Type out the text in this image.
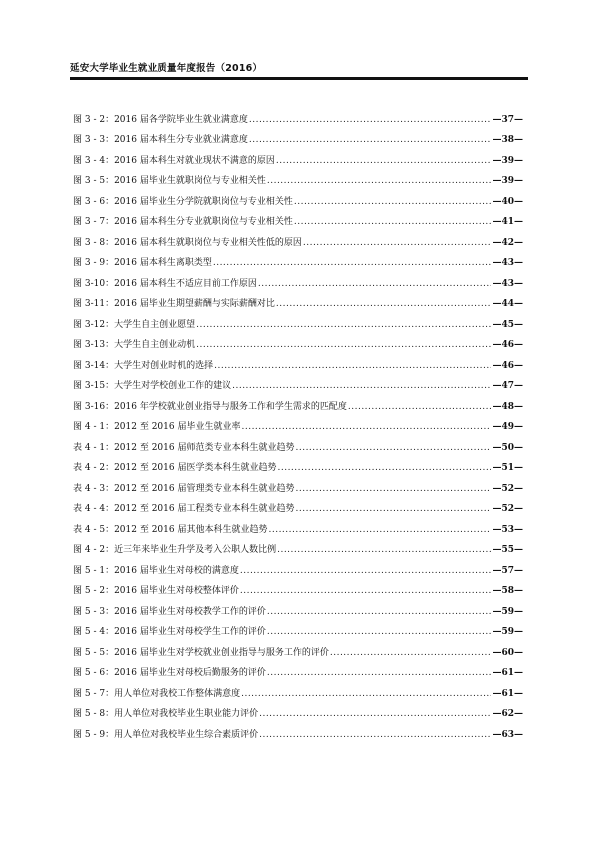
延安大学毕业生就业质量年度报告（2016）
图 3 - 2： 2016 届各学院毕业生就业满意度 .....	—37—
图 3 - 3： 2016 届本科生分专业就业满意度 .....	—38—
图 3 - 4： 2016 届本科生对就业现状不满意的原因 .....	—39—
图 3 - 5： 2016 届毕业生就职岗位与专业相关性 .....	—39—
图 3 - 6： 2016 届毕业生分学院就职岗位与专业相关性 .....	—40—
图 3 - 7： 2016 届本科生分专业就职岗位与专业相关性 .....	—41—
图 3 - 8： 2016 届本科生就职岗位与专业相关性低的原因 .....	—42—
图 3 - 9： 2016 届本科生离职类型 .....	—43—
图 3-10： 2016 届本科生不适应目前工作原因 .....	—43—
图 3-11： 2016 届毕业生期望薪酬与实际薪酬对比 .....	—44—
图 3-12： 大学生自主创业愿望 .....	—45—
图 3-13： 大学生自主创业动机 .....	—46—
图 3-14： 大学生对创业时机的选择 .....	—46—
图 3-15： 大学生对学校创业工作的建议 .....	—47—
图 3-16： 2016 年学校就业创业指导与服务工作和学生需求的匹配度 .....	—48—
图 4 - 1： 2012 至 2016 届毕业生就业率 .....	—49—
表 4 - 1： 2012 至 2016 届师范类专业本科生就业趋势 .....	—50—
表 4 - 2： 2012 至 2016 届医学类本科生就业趋势 .....	—51—
表 4 - 3： 2012 至 2016 届管理类专业本科生就业趋势 .....	—52—
表 4 - 4： 2012 至 2016 届工程类专业本科生就业趋势 .....	—52—
表 4 - 5： 2012 至 2016 届其他本科生就业趋势 .....	—53—
图 4 - 2： 近三年来毕业生升学及考入公职人数比例 .....	—55—
图 5 - 1： 2016 届毕业生对母校的满意度 .....	—57—
图 5 - 2： 2016 届毕业生对母校整体评价 .....	—58—
图 5 - 3： 2016 届毕业生对母校教学工作的评价 .....	—59—
图 5 - 4： 2016 届毕业生对母校学生工作的评价 .....	—59—
图 5 - 5： 2016 届毕业生对学校就业创业指导与服务工作的评价 .....	—60—
图 5 - 6： 2016 届毕业生对母校后勤服务的评价 .....	—61—
图 5 - 7： 用人单位对我校工作整体满意度 .....	—61—
图 5 - 8： 用人单位对我校毕业生职业能力评价 .....	—62—
图 5 - 9： 用人单位对我校毕业生综合素质评价 .....	—63—
